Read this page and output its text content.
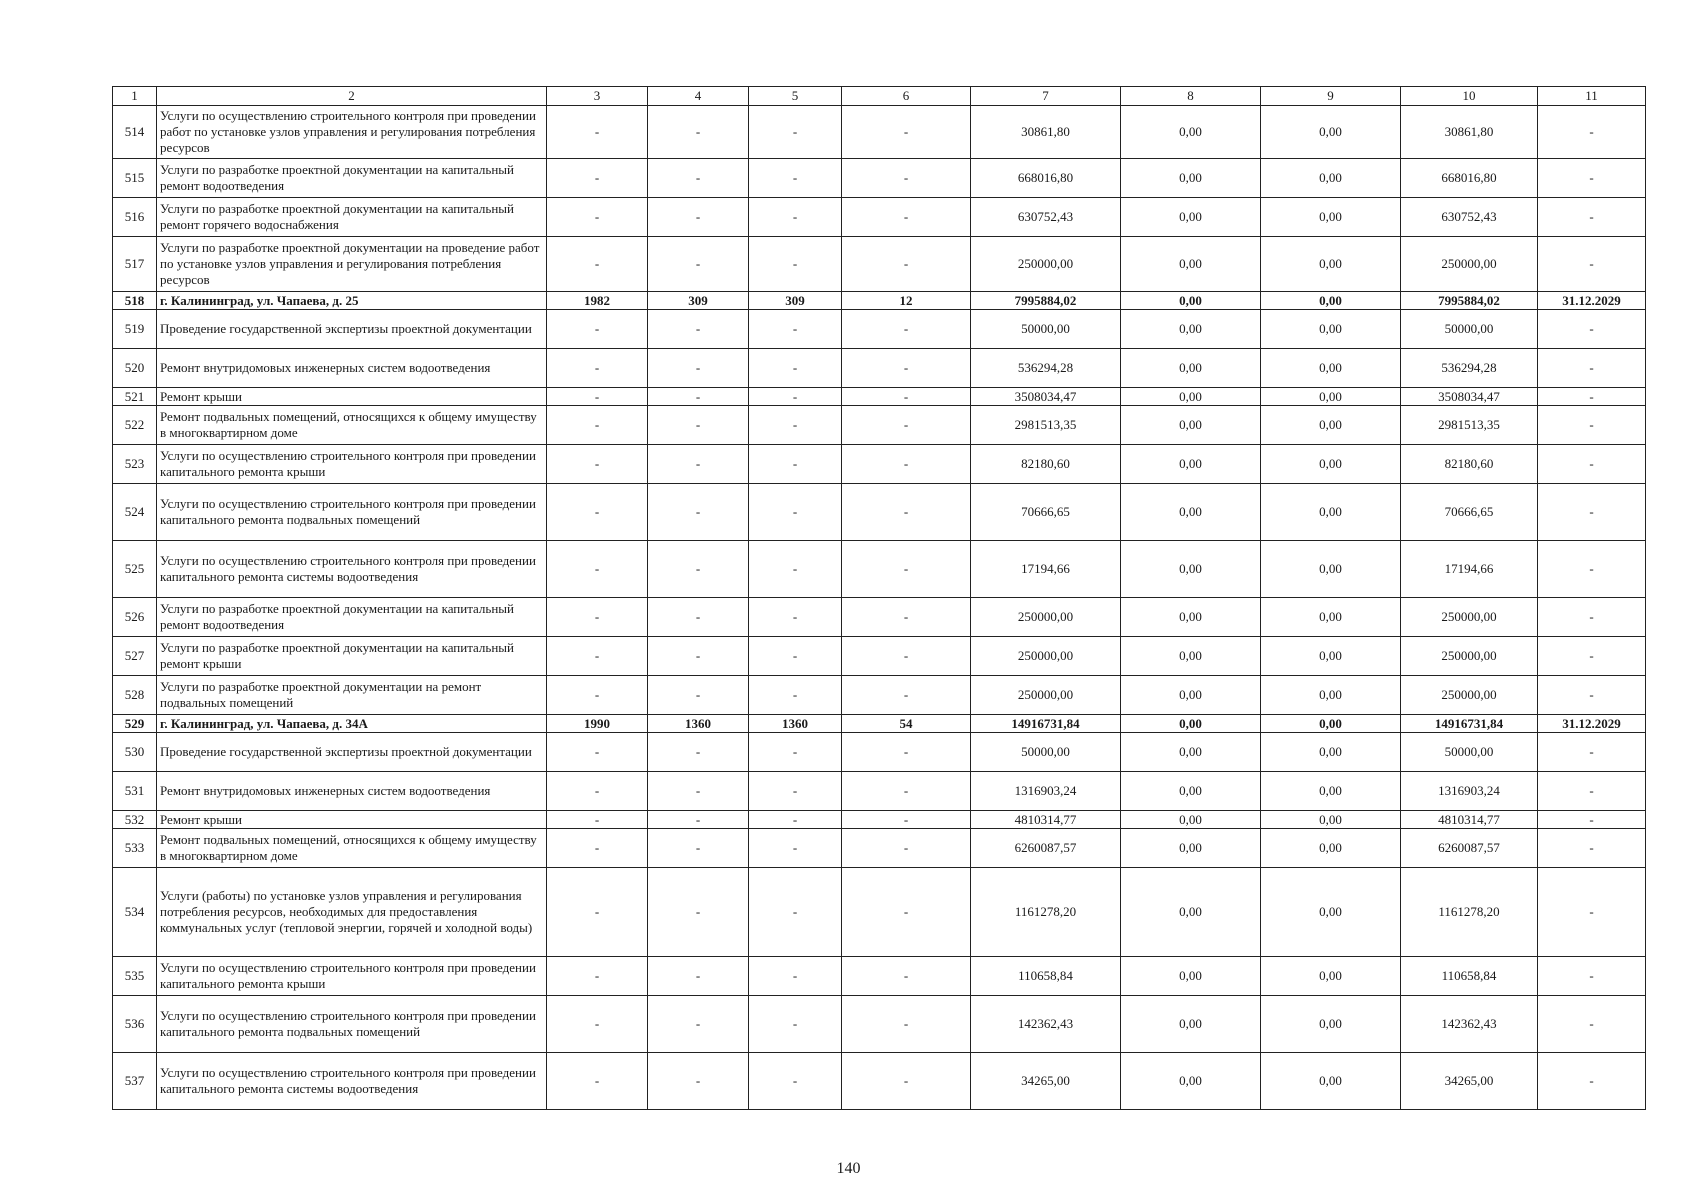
1	2	3	4	5	6	7	8	9	10	11
514	Услуги по осуществлению строительного контроля при проведении работ по установке узлов управления и регулирования потребления ресурсов	-	-	-	-	30861,80	0,00	0,00	30861,80	-
515	Услуги по разработке проектной документации на капитальный ремонт водоотведения	-	-	-	-	668016,80	0,00	0,00	668016,80	-
516	Услуги по разработке проектной документации на капитальный ремонт горячего водоснабжения	-	-	-	-	630752,43	0,00	0,00	630752,43	-
517	Услуги по разработке проектной документации на проведение работ по установке узлов управления и регулирования потребления ресурсов	-	-	-	-	250000,00	0,00	0,00	250000,00	-
518	г. Калининград, ул. Чапаева, д. 25	1982	309	309	12	7995884,02	0,00	0,00	7995884,02	31.12.2029
519	Проведение государственной экспертизы проектной документации	-	-	-	-	50000,00	0,00	0,00	50000,00	-
520	Ремонт внутридомовых инженерных систем водоотведения	-	-	-	-	536294,28	0,00	0,00	536294,28	-
521	Ремонт крыши	-	-	-	-	3508034,47	0,00	0,00	3508034,47	-
522	Ремонт подвальных помещений, относящихся к общему имуществу в многоквартирном доме	-	-	-	-	2981513,35	0,00	0,00	2981513,35	-
523	Услуги по осуществлению строительного контроля при проведении капитального ремонта крыши	-	-	-	-	82180,60	0,00	0,00	82180,60	-
524	Услуги по осуществлению строительного контроля при проведении капитального ремонта подвальных помещений	-	-	-	-	70666,65	0,00	0,00	70666,65	-
525	Услуги по осуществлению строительного контроля при проведении капитального ремонта системы водоотведения	-	-	-	-	17194,66	0,00	0,00	17194,66	-
526	Услуги по разработке проектной документации на капитальный ремонт водоотведения	-	-	-	-	250000,00	0,00	0,00	250000,00	-
527	Услуги по разработке проектной документации на капитальный ремонт крыши	-	-	-	-	250000,00	0,00	0,00	250000,00	-
528	Услуги по разработке проектной документации на ремонт подвальных помещений	-	-	-	-	250000,00	0,00	0,00	250000,00	-
529	г. Калининград, ул. Чапаева, д. 34А	1990	1360	1360	54	14916731,84	0,00	0,00	14916731,84	31.12.2029
530	Проведение государственной экспертизы проектной документации	-	-	-	-	50000,00	0,00	0,00	50000,00	-
531	Ремонт внутридомовых инженерных систем водоотведения	-	-	-	-	1316903,24	0,00	0,00	1316903,24	-
532	Ремонт крыши	-	-	-	-	4810314,77	0,00	0,00	4810314,77	-
533	Ремонт подвальных помещений, относящихся к общему имуществу в многоквартирном доме	-	-	-	-	6260087,57	0,00	0,00	6260087,57	-
534	Услуги (работы) по установке узлов управления и регулирования потребления ресурсов, необходимых для предоставления коммунальных услуг (тепловой энергии, горячей и холодной воды)	-	-	-	-	1161278,20	0,00	0,00	1161278,20	-
535	Услуги по осуществлению строительного контроля при проведении капитального ремонта крыши	-	-	-	-	110658,84	0,00	0,00	110658,84	-
536	Услуги по осуществлению строительного контроля при проведении капитального ремонта подвальных помещений	-	-	-	-	142362,43	0,00	0,00	142362,43	-
537	Услуги по осуществлению строительного контроля при проведении капитального ремонта системы водоотведения	-	-	-	-	34265,00	0,00	0,00	34265,00	-
140
